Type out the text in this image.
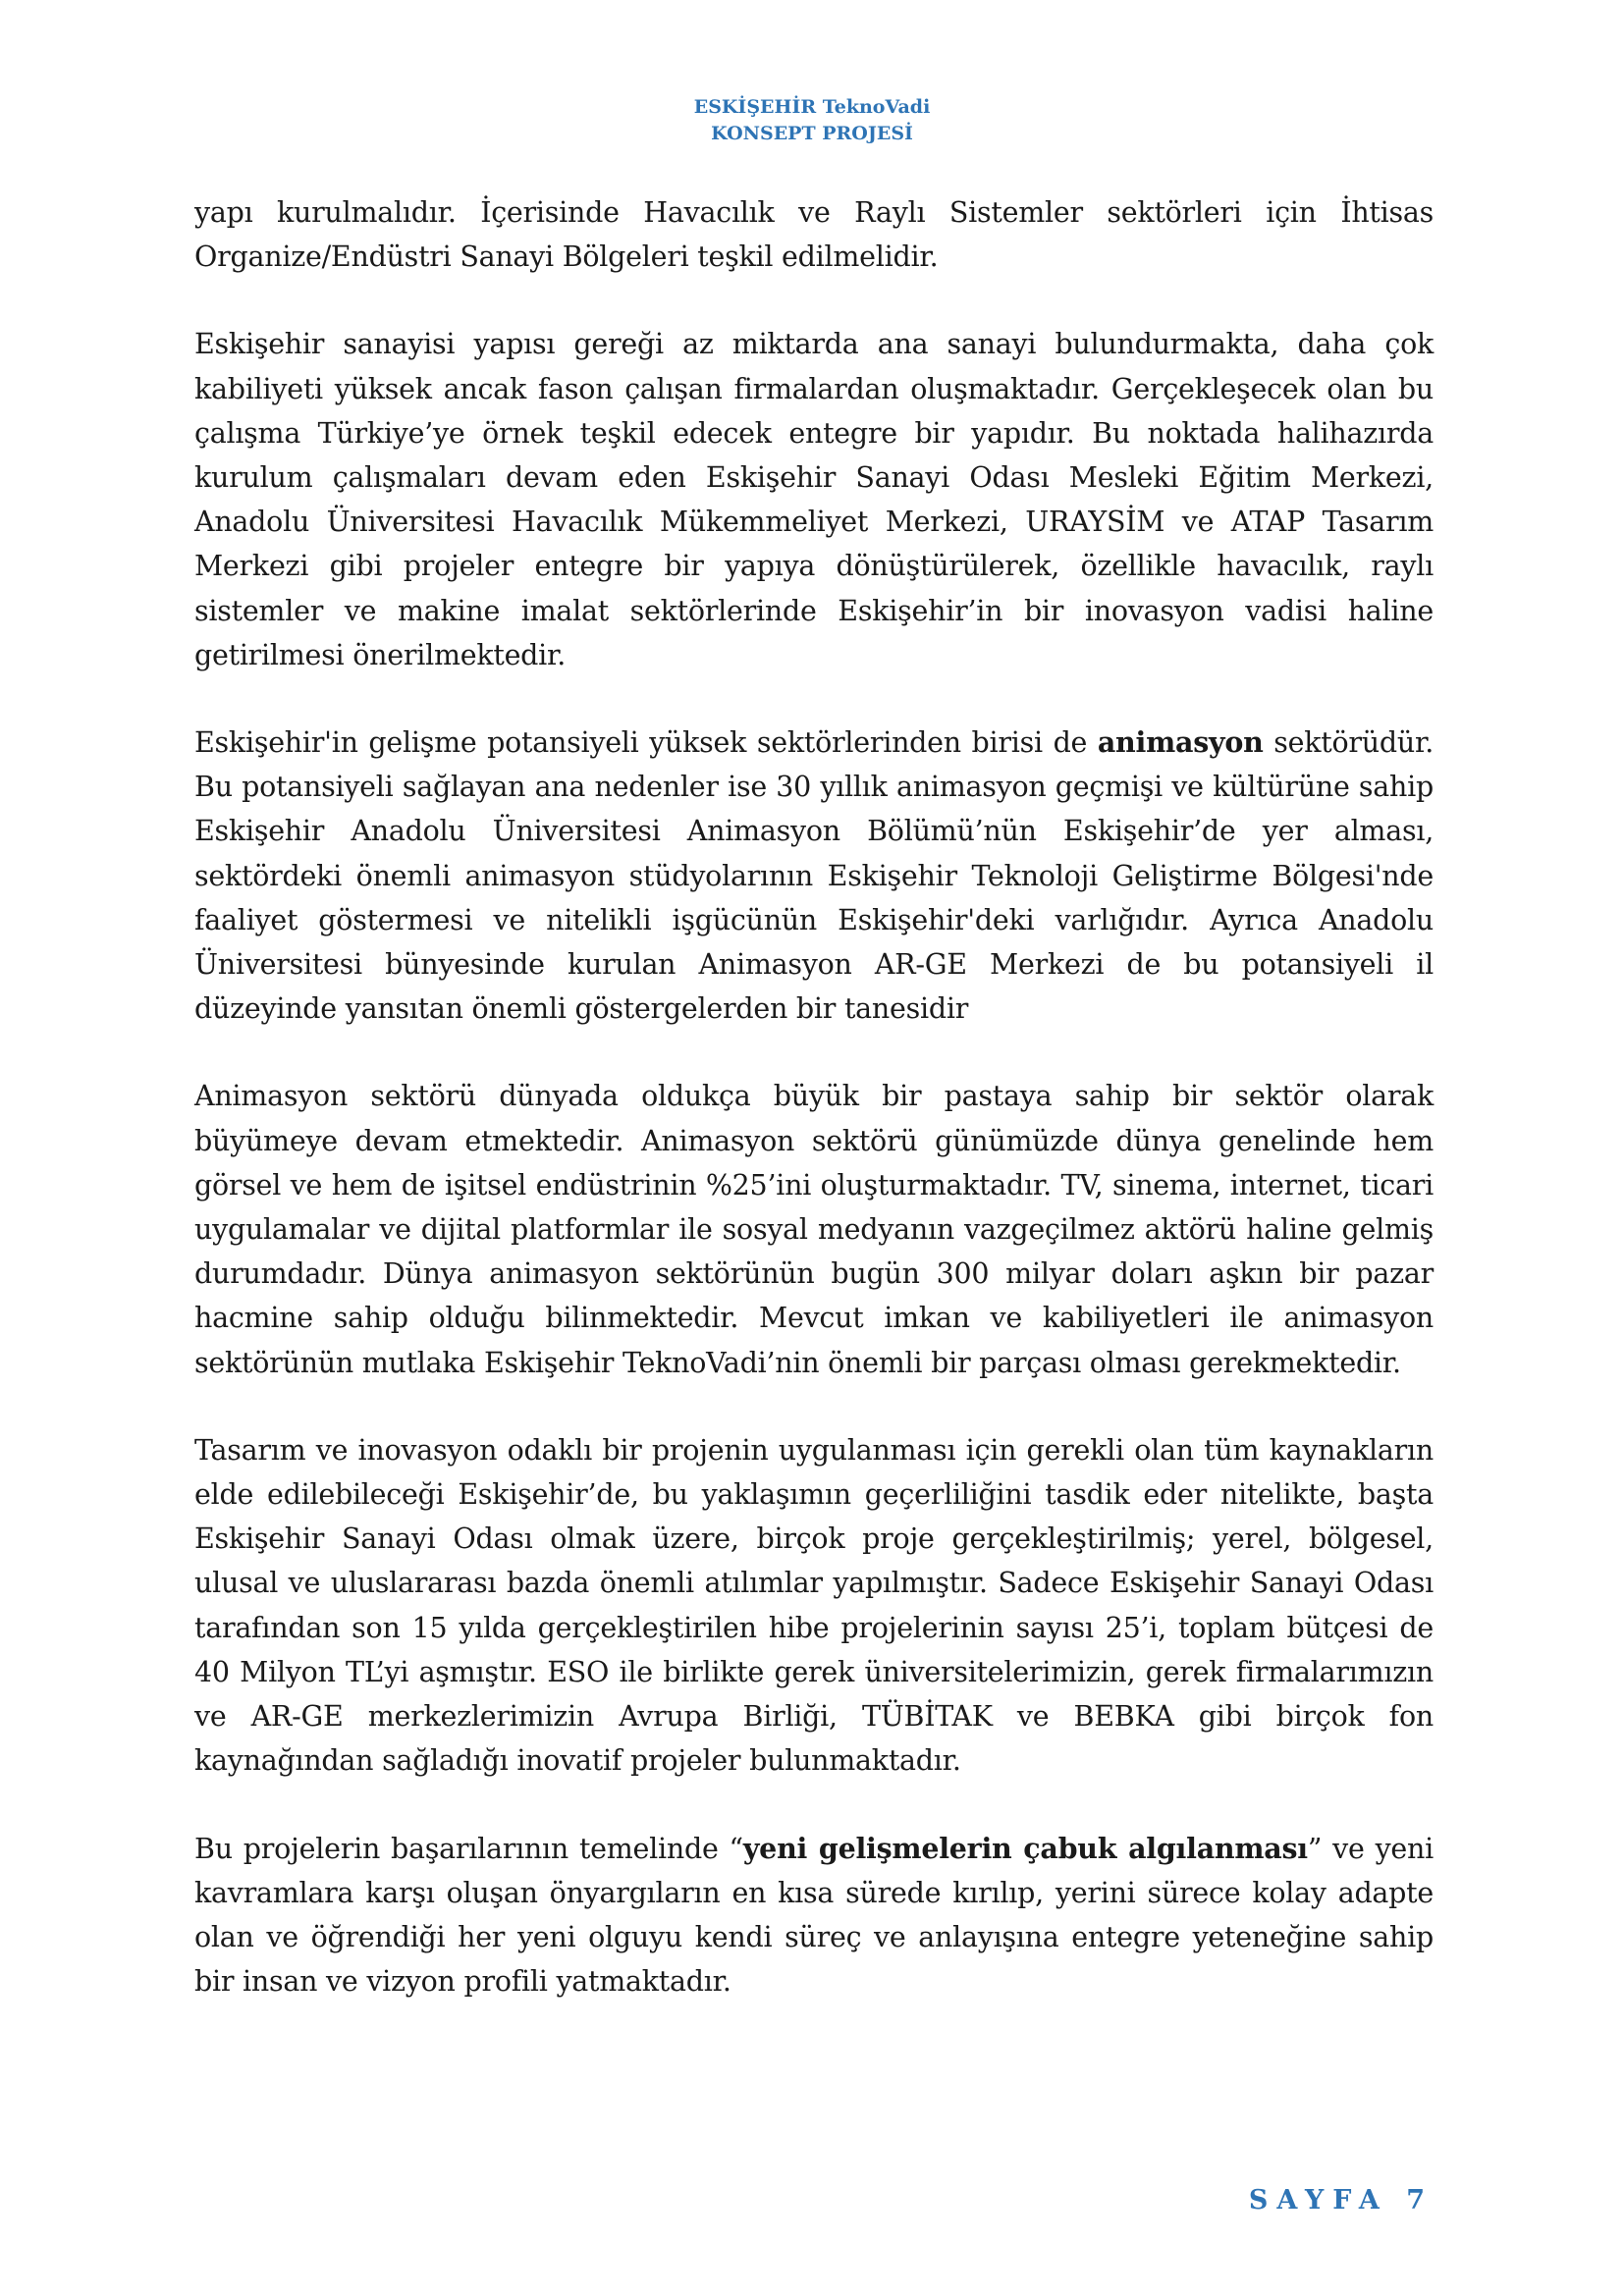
ESKİŞEHİR TeknoVadi
KONSEPT PROJESİ

yapı kurulmalıdır. İçerisinde Havacılık ve Raylı Sistemler sektörleri için İhtisas Organize/Endüstri Sanayi Bölgeleri teşkil edilmelidir.

Eskişehir sanayisi yapısı gereği az miktarda ana sanayi bulundurmakta, daha çok kabiliyeti yüksek ancak fason çalışan firmalardan oluşmaktadır. Gerçekleşecek olan bu çalışma Türkiye’ye örnek teşkil edecek entegre bir yapıdır. Bu noktada halihazırda kurulum çalışmaları devam eden Eskişehir Sanayi Odası Mesleki Eğitim Merkezi, Anadolu Üniversitesi Havacılık Mükemmeliyet Merkezi, URAYSİM ve ATAP Tasarım Merkezi gibi projeler entegre bir yapıya dönüştürülerek, özellikle havacılık, raylı sistemler ve makine imalat sektörlerinde Eskişehir’in bir inovasyon vadisi haline getirilmesi önerilmektedir.

Eskişehir'in gelişme potansiyeli yüksek sektörlerinden birisi de animasyon sektörüdür. Bu potansiyeli sağlayan ana nedenler ise 30 yıllık animasyon geçmişi ve kültürüne sahip Eskişehir Anadolu Üniversitesi Animasyon Bölümü’nün Eskişehir’de yer alması, sektördeki önemli animasyon stüdyolarının Eskişehir Teknoloji Geliştirme Bölgesi'nde faaliyet göstermesi ve nitelikli işgücünün Eskişehir'deki varlığıdır. Ayrıca Anadolu Üniversitesi bünyesinde kurulan Animasyon AR-GE Merkezi de bu potansiyeli il düzeyinde yansıtan önemli göstergelerden bir tanesidir

Animasyon sektörü dünyada oldukça büyük bir pastaya sahip bir sektör olarak büyümeye devam etmektedir. Animasyon sektörü günümüzde dünya genelinde hem görsel ve hem de işitsel endüstrinin %25’ini oluşturmaktadır. TV, sinema, internet, ticari uygulamalar ve dijital platformlar ile sosyal medyanın vazgeçilmez aktörü haline gelmiş durumdadır. Dünya animasyon sektörünün bugün 300 milyar doları aşkın bir pazar hacmine sahip olduğu bilinmektedir. Mevcut imkan ve kabiliyetleri ile animasyon sektörünün mutlaka Eskişehir TeknoVadi’nin önemli bir parçası olması gerekmektedir.

Tasarım ve inovasyon odaklı bir projenin uygulanması için gerekli olan tüm kaynakların elde edilebileceği Eskişehir’de, bu yaklaşımın geçerliliğini tasdik eder nitelikte, başta Eskişehir Sanayi Odası olmak üzere, birçok proje gerçekleştirilmiş; yerel, bölgesel, ulusal ve uluslararası bazda önemli atılımlar yapılmıştır. Sadece Eskişehir Sanayi Odası tarafından son 15 yılda gerçekleştirilen hibe projelerinin sayısı 25’i, toplam bütçesi de 40 Milyon TL’yi aşmıştır. ESO ile birlikte gerek üniversitelerimizin, gerek firmalarımızın ve AR-GE merkezlerimizin Avrupa Birliği, TÜBİTAK ve BEBKA gibi birçok fon kaynağından sağladığı inovatif projeler bulunmaktadır.

Bu projelerin başarılarının temelinde “yeni gelişmelerin çabuk algılanması” ve yeni kavramlara karşı oluşan önyargıların en kısa sürede kırılıp, yerini sürece kolay adapte olan ve öğrendiği her yeni olguyu kendi süreç ve anlayışına entegre yeteneğine sahip bir insan ve vizyon profili yatmaktadır.

SAYFA 7
